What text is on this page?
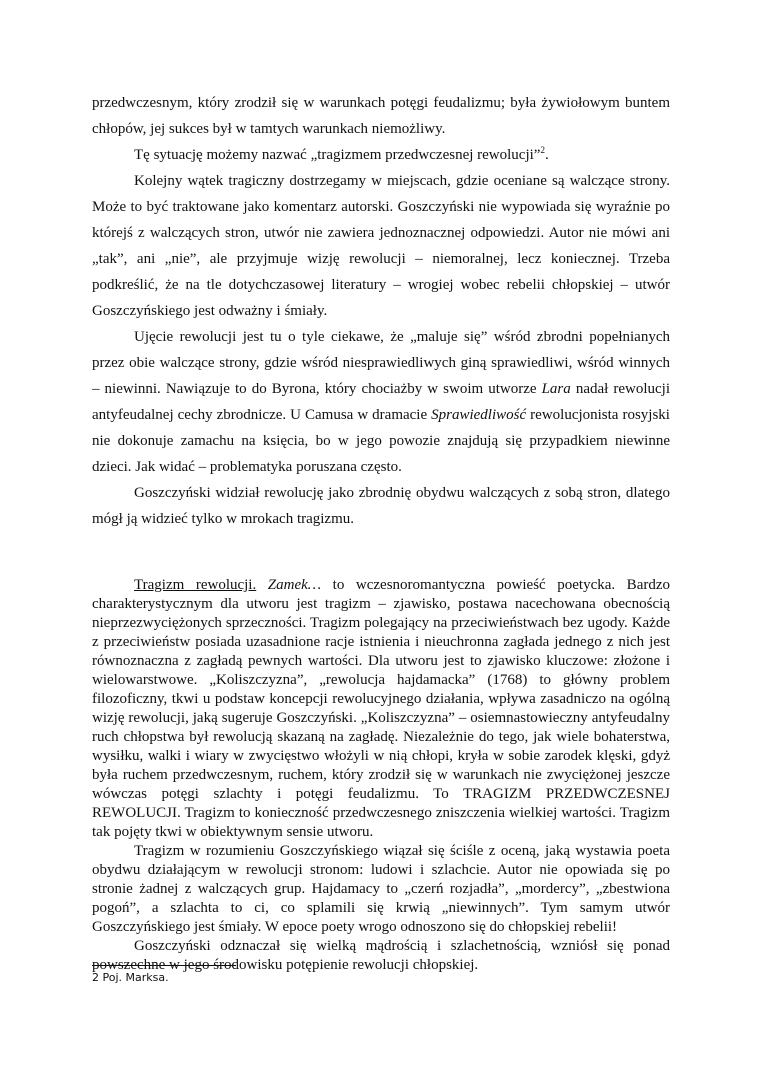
przedwczesnym, który zrodził się w warunkach potęgi feudalizmu; była żywiołowym buntem chłopów, jej sukces był w tamtych warunkach niemożliwy.

Tę sytuację możemy nazwać „tragizmem przedwczesnej rewolucji”$^2$.

Kolejny wątek tragiczny dostrzegamy w miejscach, gdzie oceniane są walczące strony. Może to być traktowane jako komentarz autorski. Goszczyński nie wypowiada się wyraźnie po którejś z walczących stron, utwór nie zawiera jednoznacznej odpowiedzi. Autor nie mówi ani „tak”, ani „nie”, ale przyjmuje wizję rewolucji – niemoralnej, lecz koniecznej. Trzeba podkreślić, że na tle dotychczasowej literatury – wrogiej wobec rebelii chłopskiej – utwór Goszczyńskiego jest odważny i śmiały.

Ujęcie rewolucji jest tu o tyle ciekawe, że „maluje się” wśród zbrodni popełnianych przez obie walczące strony, gdzie wśród niesprawiedliwych giną sprawiedliwi, wśród winnych – niewinni. Nawiązuje to do Byrona, który chociażby w swoim utworze Lara nadał rewolucji antyfeudalnej cechy zbrodnicze. U Camusa w dramacie Sprawiedliwość rewolucjonista rosyjski nie dokonuje zamachu na księcia, bo w jego powozie znajdują się przypadkiem niewinne dzieci. Jak widać – problematyka poruszana często.

Goszczyński widział rewolucję jako zbrodnię obydwu walczących z sobą stron, dlatego mógł ją widzieć tylko w mrokach tragizmu.

Tragizm rewolucji. Zamek… to wczesnoromantyczna powieść poetycka. Bardzo charakterystycznym dla utworu jest tragizm – zjawisko, postawa nacechowana obecnością nieprzezwyciężonych sprzeczności. Tragizm polegający na przeciwieństwach bez ugody. Każde z przeciwieństw posiada uzasadnione racje istnienia i nieuchronna zagłada jednego z nich jest równoznaczna z zagładą pewnych wartości. Dla utworu jest to zjawisko kluczowe: złożone i wielowarstwowe. „Koliszczyzna”, „rewolucja hajdamacka” (1768) to główny problem filozoficzny, tkwi u podstaw koncepcji rewolucyjnego działania, wpływa zasadniczo na ogólną wizję rewolucji, jaką sugeruje Goszczyński. „Koliszczyzna” – osiemnastowieczny antyfeudalny ruch chłopstwa był rewolucją skazaną na zagładę. Niezależnie do tego, jak wiele bohaterstwa, wysiłku, walki i wiary w zwycięstwo włożyli w nią chłopi, kryła w sobie zarodek klęski, gdyż była ruchem przedwczesnym, ruchem, który zrodził się w warunkach nie zwyciężonej jeszcze wówczas potęgi szlachty i potęgi feudalizmu. To TRAGIZM PRZEDWCZESNEJ REWOLUCJI. Tragizm to konieczność przedwczesnego zniszczenia wielkiej wartości. Tragizm tak pojęty tkwi w obiektywnym sensie utworu.

Tragizm w rozumieniu Goszczyńskiego wiązał się ściśle z oceną, jaką wystawia poeta obydwu działającym w rewolucji stronom: ludowi i szlachcie. Autor nie opowiada się po stronie żadnej z walczących grup. Hajdamacy to „czerń rozjadła”, „mordercy”, „zbestwiona pogoń”, a szlachta to ci, co splamili się krwią „niewinnych”. Tym samym utwór Goszczyńskiego jest śmiały. W epoce poety wrogo odnoszono się do chłopskiej rebelii!

Goszczyński odznaczał się wielką mądrością i szlachetnością, wzniósł się ponad powszechne w jego środowisku potępienie rewolucji chłopskiej.

2 Poj. Marksa.
